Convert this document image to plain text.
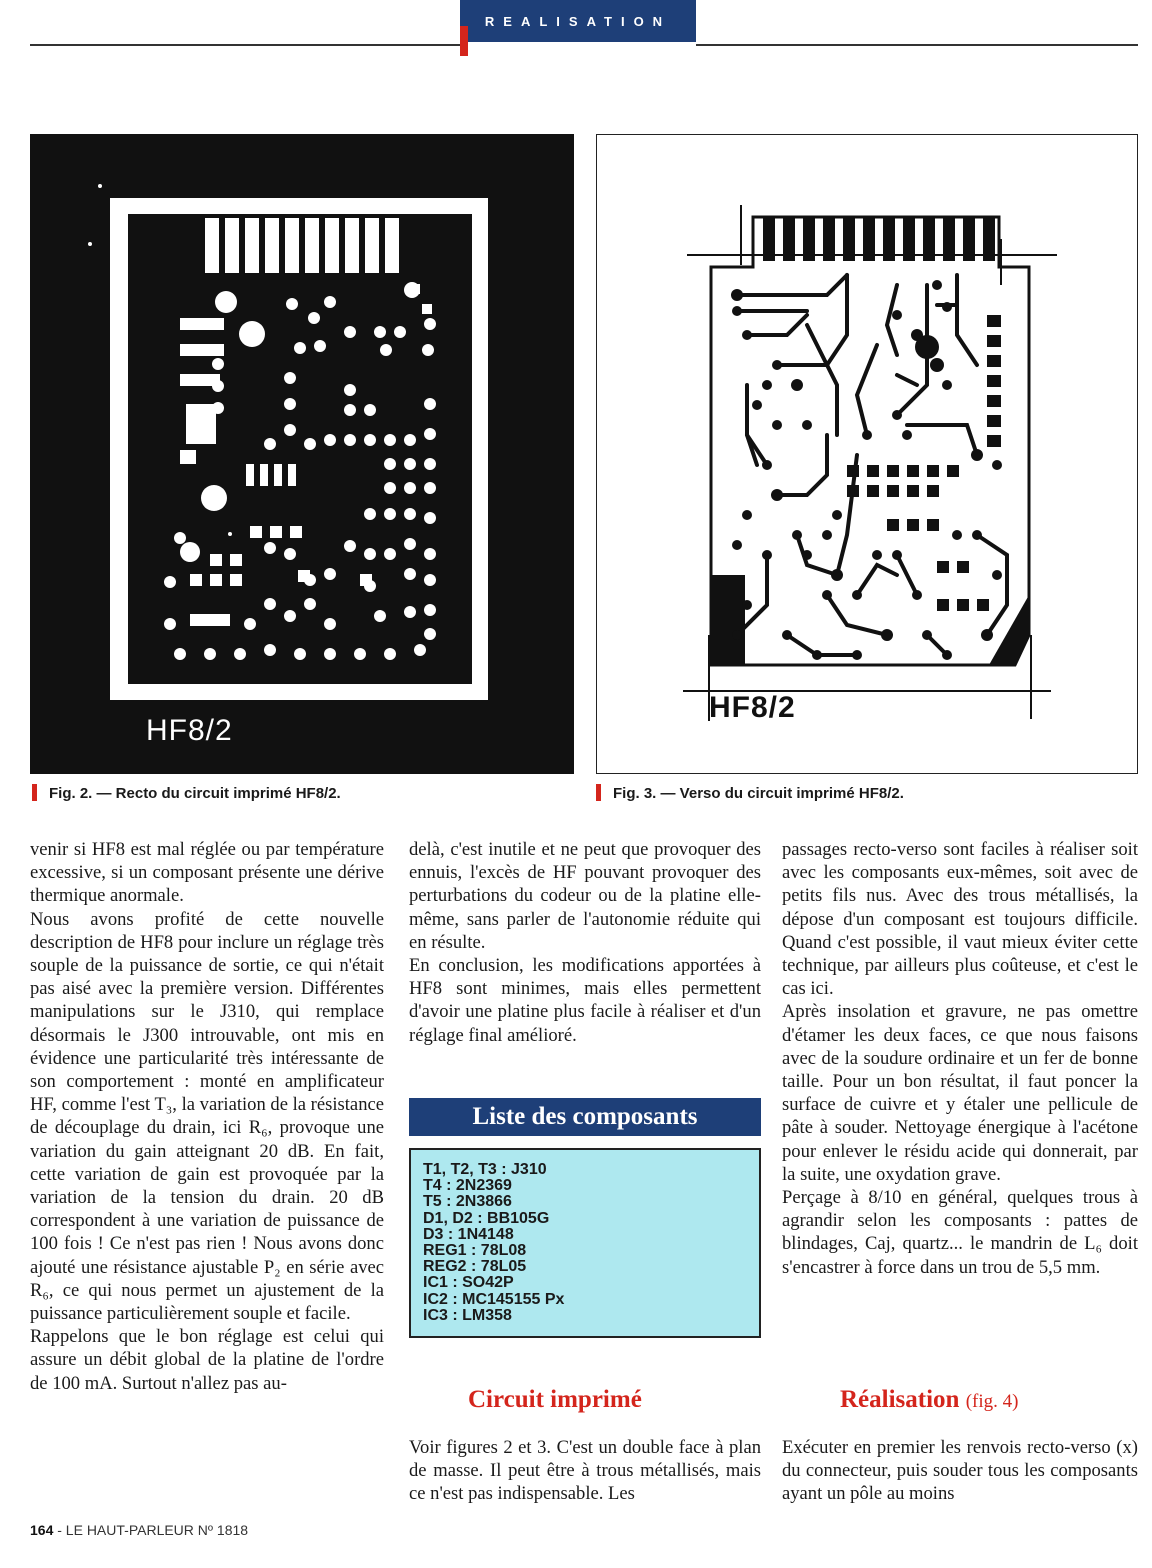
REALISATION
HF8/2
HF8/2
Fig. 2. — Recto du circuit imprimé HF8/2.	Fig. 3. — Verso du circuit imprimé HF8/2.

venir si HF8 est mal réglée ou par température excessive, si un composant présente une dérive thermique anormale.

Nous avons profité de cette nouvelle description de HF8 pour inclure un réglage très souple de la puissance de sortie, ce qui n'était pas aisé avec la première version. Différentes manipulations sur le J310, qui remplace désormais le J300 introuvable, ont mis en évidence une particularité très intéressante de son comportement : monté en amplificateur HF, comme l'est T₃, la variation de la résistance de découplage du drain, ici R₆, provoque une variation du gain atteignant 20 dB. En fait, cette variation de gain est provoquée par la variation de la tension du drain. 20 dB correspondent à une variation de puissance de 100 fois ! Ce n'est pas rien ! Nous avons donc ajouté une résistance ajustable P₂ en série avec R₆, ce qui nous permet un ajustement de la puissance particulièrement souple et facile.

Rappelons que le bon réglage est celui qui assure un débit global de la platine de l'ordre de 100 mA. Surtout n'allez pas au-

delà, c'est inutile et ne peut que provoquer des ennuis, l'excès de HF pouvant provoquer des perturbations du codeur ou de la platine elle-même, sans parler de l'autonomie réduite qui en résulte.

En conclusion, les modifications apportées à HF8 sont minimes, mais elles permettent d'avoir une platine plus facile à réaliser et d'un réglage final amélioré.

Liste des composants
T1, T2, T3 : J310
T4 : 2N2369
T5 : 2N3866
D1, D2 : BB105G
D3 : 1N4148
REG1 : 78L08
REG2 : 78L05
IC1 : SO42P
IC2 : MC145155 Px
IC3 : LM358

passages recto-verso sont faciles à réaliser soit avec les composants eux-mêmes, soit avec de petits fils nus. Avec des trous métallisés, la dépose d'un composant est toujours difficile. Quand c'est possible, il vaut mieux éviter cette technique, par ailleurs plus coûteuse, et c'est le cas ici.

Après insolation et gravure, ne pas omettre d'étamer les deux faces, ce que nous faisons avec de la soudure ordinaire et un fer de bonne taille. Pour un bon résultat, il faut poncer la surface de cuivre et y étaler une pellicule de pâte à souder. Nettoyage énergique à l'acétone pour enlever le résidu acide qui donnerait, par la suite, une oxydation grave.

Perçage à 8/10 en général, quelques trous à agrandir selon les composants : pattes de blindages, Caj, quartz... le mandrin de L₆ doit s'encastrer à force dans un trou de 5,5 mm.

Circuit imprimé	Réalisation (fig. 4)

Voir figures 2 et 3. C'est un double face à plan de masse. Il peut être à trous métallisés, mais ce n'est pas indispensable. Les

Exécuter en premier les renvois recto-verso (x) du connecteur, puis souder tous les composants ayant un pôle au moins

164 - LE HAUT-PARLEUR Nº 1818
